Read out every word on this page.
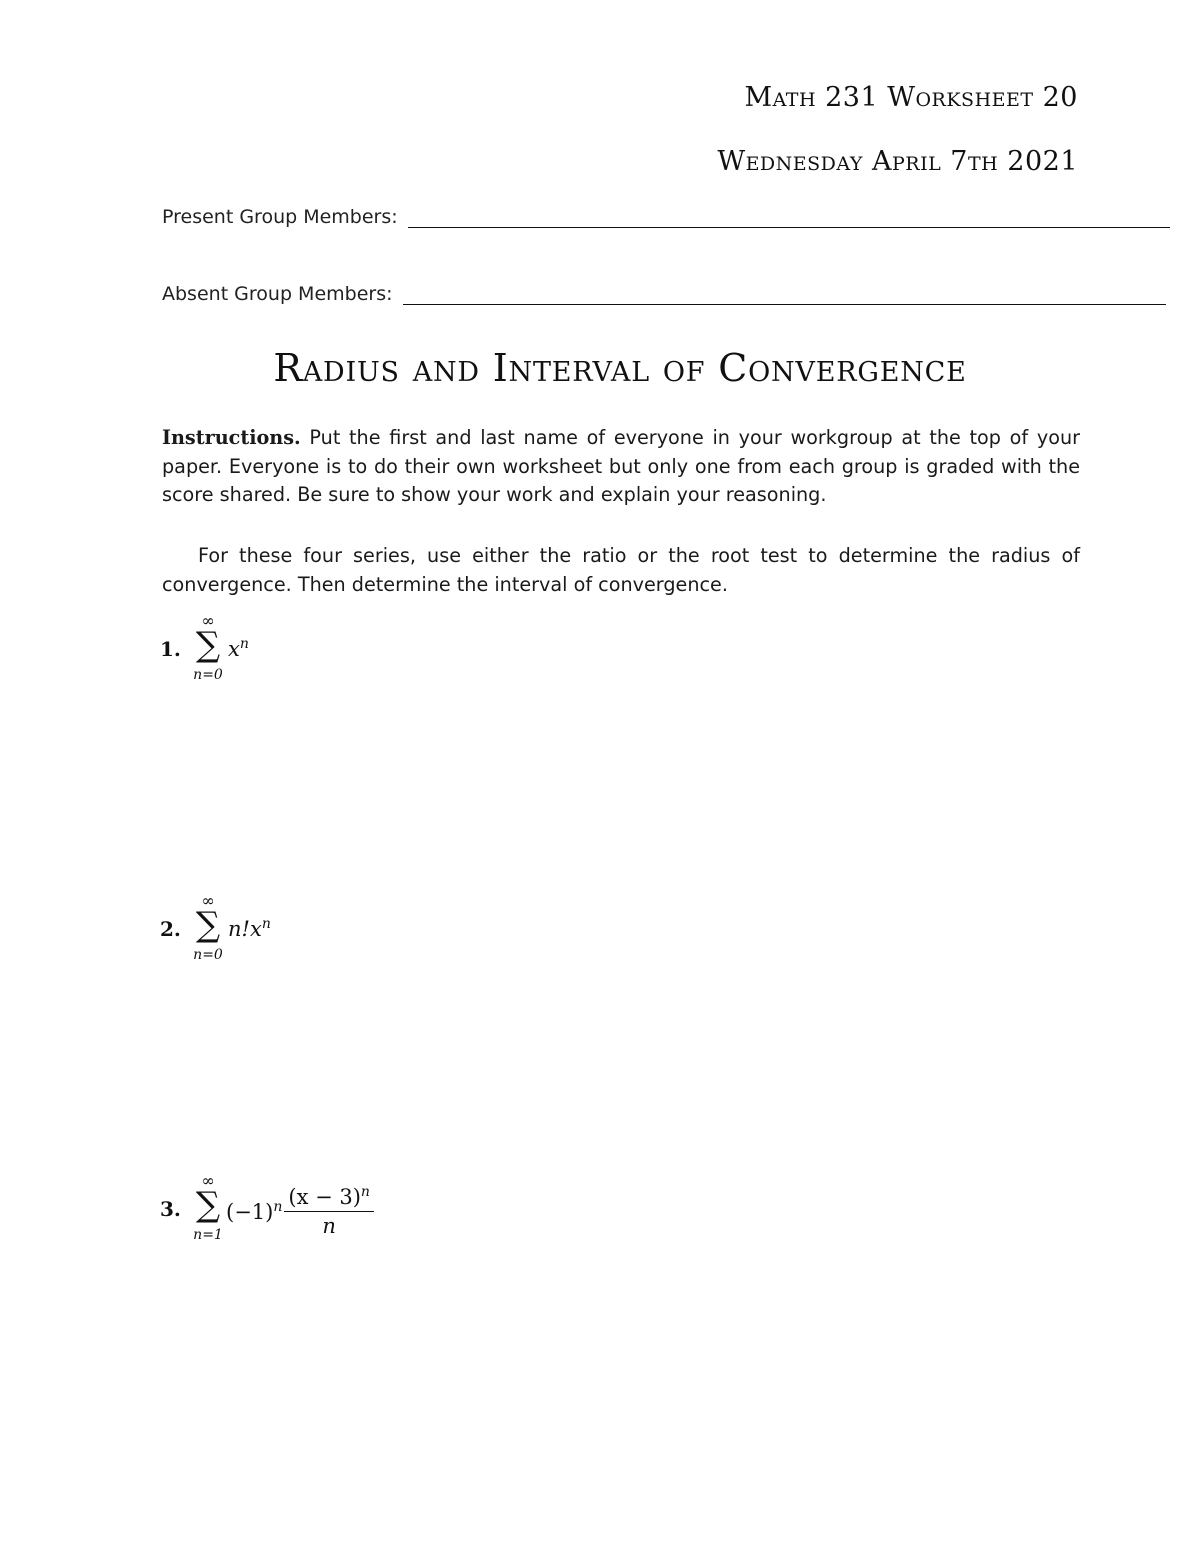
Math 231 Worksheet 20
Wednesday April 7th 2021
Present Group Members:
Absent Group Members:
Radius and Interval of Convergence
Instructions. Put the first and last name of everyone in your workgroup at the top of your paper. Everyone is to do their own worksheet but only one from each group is graded with the score shared. Be sure to show your work and explain your reasoning.
For these four series, use either the ratio or the root test to determine the radius of convergence. Then determine the interval of convergence.
1.
∞
∑
n=0
$x^n$
2.
∞
∑
n=0
$n!x^n$
3.
∞
∑
n=1
$(-1)^n \frac{(x - 3)^n}{n}$
